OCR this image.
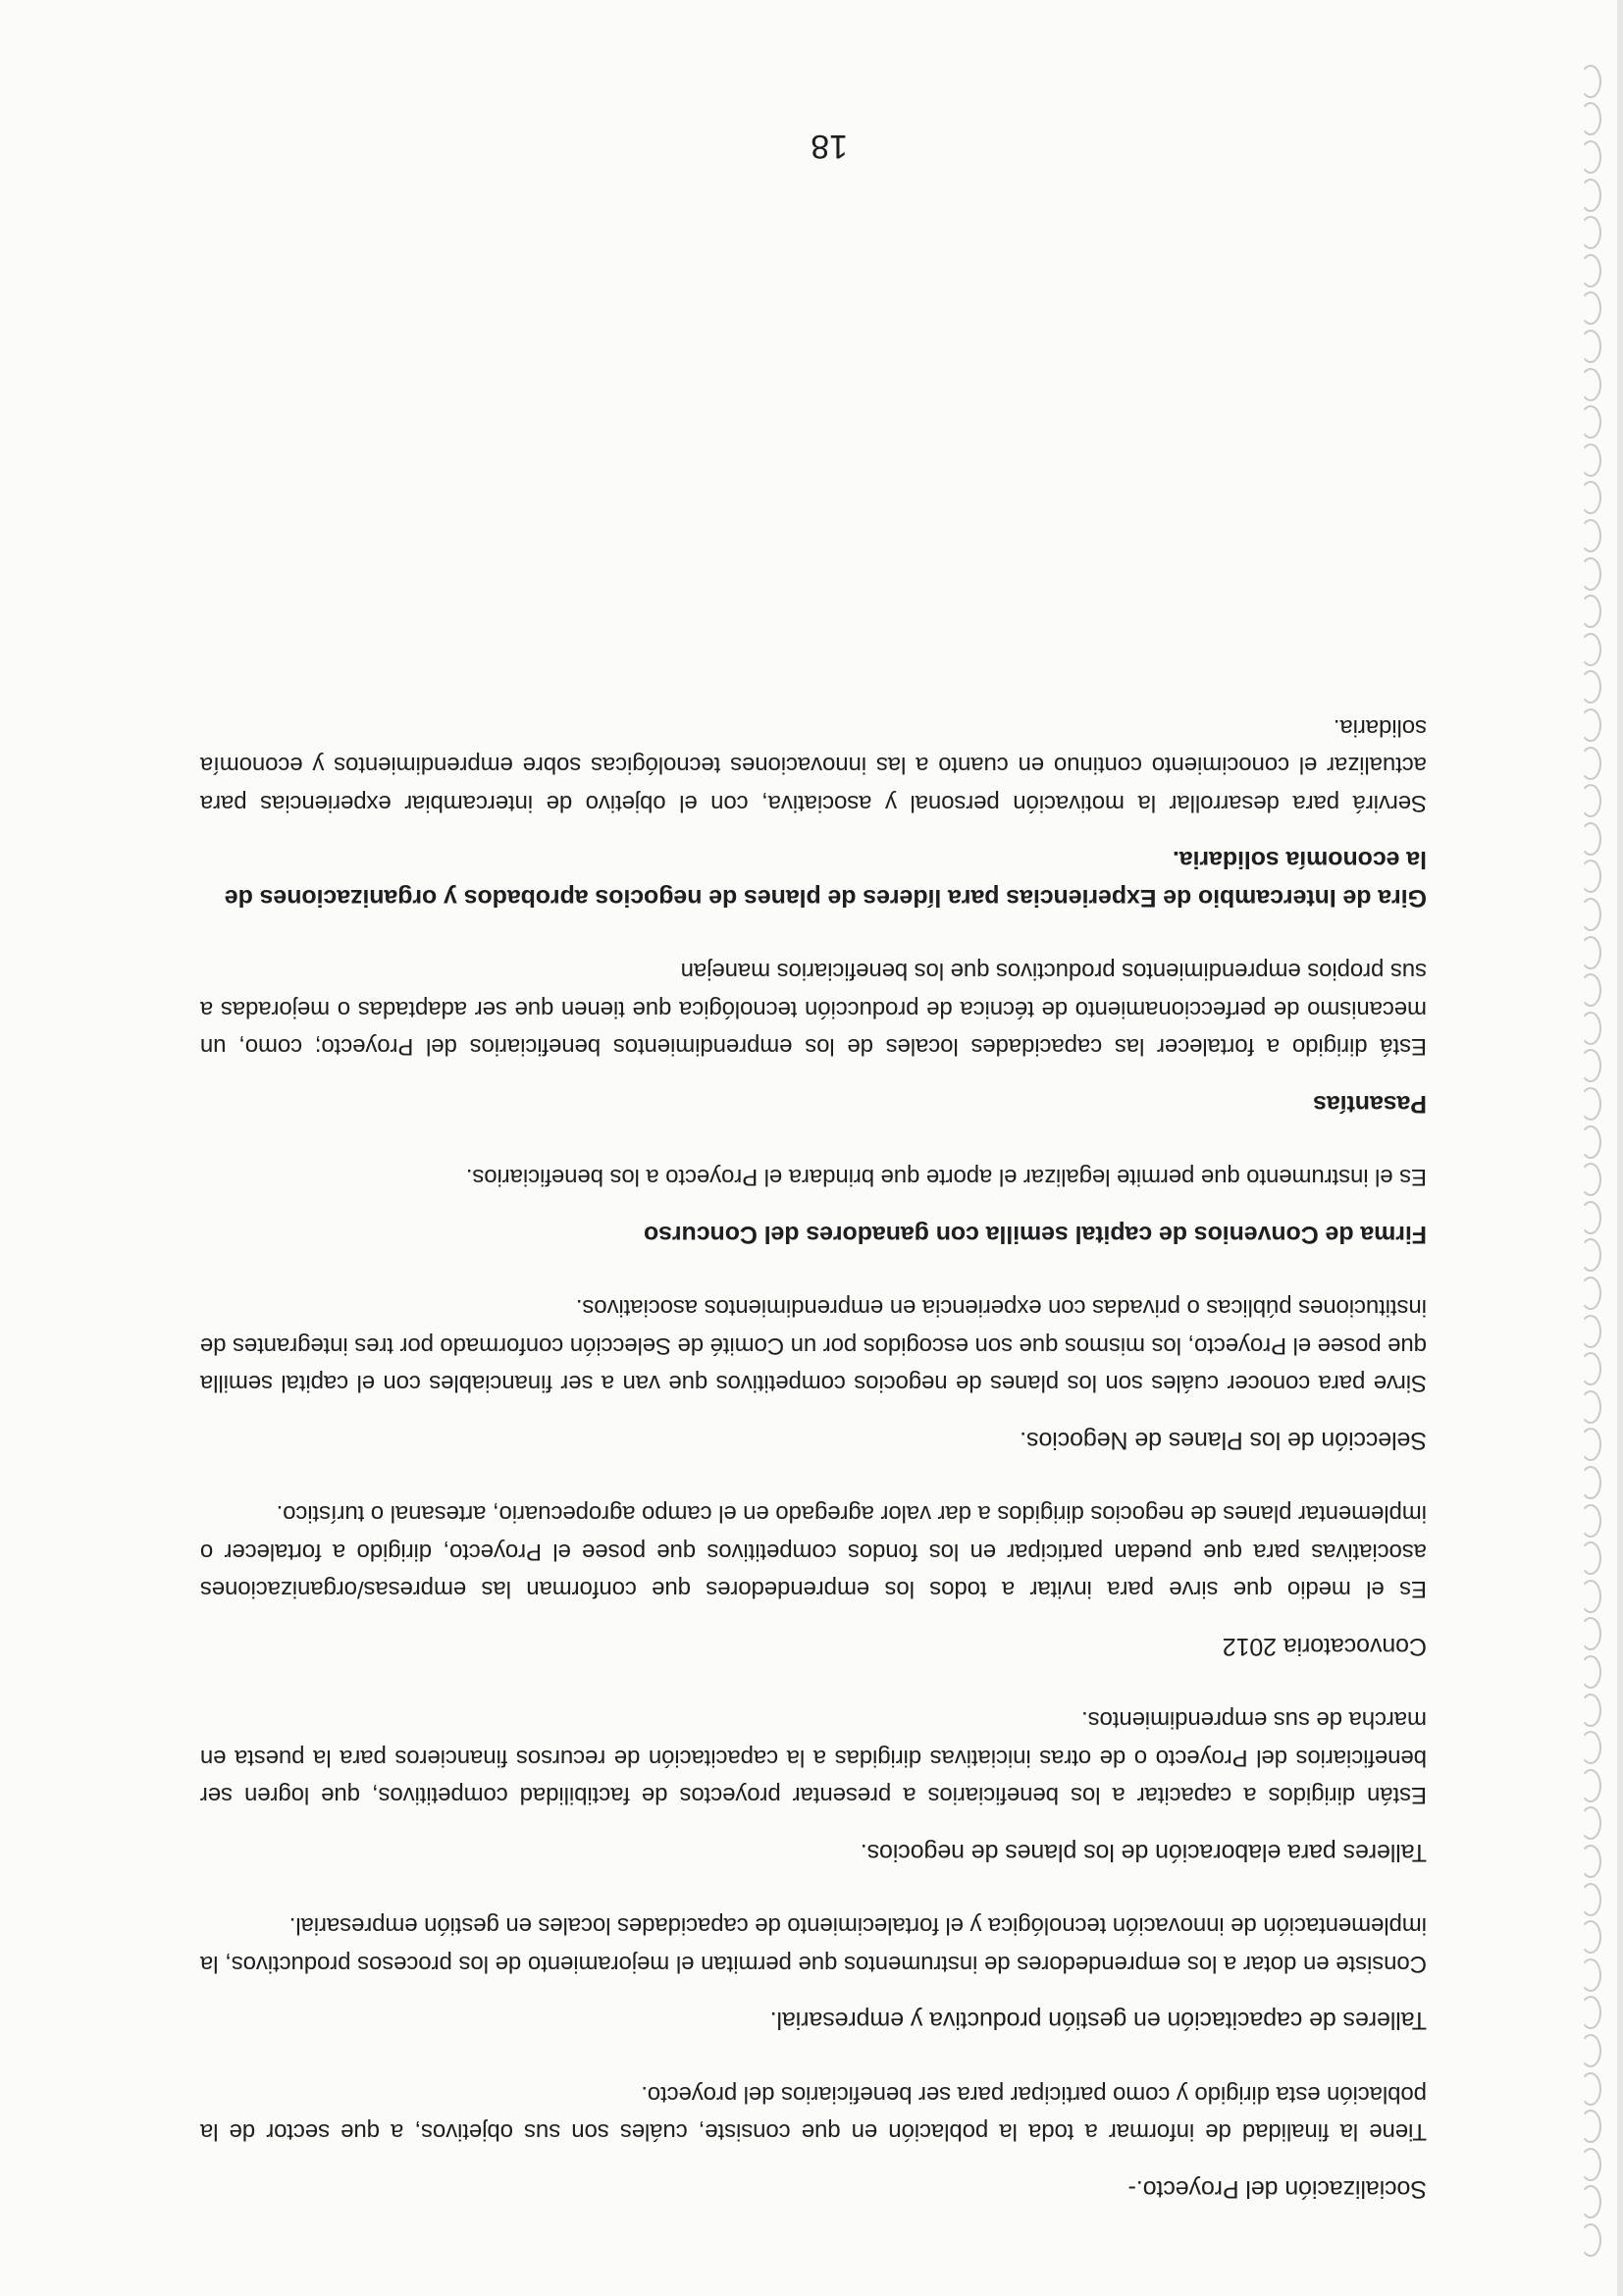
Socialización del Proyecto.-
Tiene la finalidad de informar a toda la población en que consiste, cuáles son sus objetivos, a que sector de la población esta dirigido y como participar para ser beneficiarios del proyecto.
Talleres de capacitación en gestión productiva y empresarial.
Consiste en dotar a los emprendedores de instrumentos que permitan el mejoramiento de los procesos productivos, la implementación de innovación tecnológica y el fortalecimiento de capacidades locales en gestión empresarial.
Talleres para elaboración de los planes de negocios.
Están dirigidos a capacitar a los beneficiarios a presentar proyectos de factibilidad competitivos, que logren ser beneficiarios del Proyecto o de otras iniciativas dirigidas a la capacitación de recursos financieros para la puesta en marcha de sus emprendimientos.
Convocatoria 2012
Es el medio que sirve para invitar a todos los emprendedores que conforman las empresas/organizaciones asociativas para que puedan participar en los fondos competitivos que posee el Proyecto, dirigido a fortalecer o implementar planes de negocios dirigidos a dar valor agregado en el campo agropecuario, artesanal o turístico.
Selección de los Planes de Negocios.
Sirve para conocer cuáles son los planes de negocios competitivos que van a ser financiables con el capital semilla que posee el Proyecto, los mismos que son escogidos por un Comité de Selección conformado por tres integrantes de instituciones públicas o privadas con experiencia en emprendimientos asociativos.
Firma de Convenios de capital semilla con ganadores del Concurso
Es el instrumento que permite legalizar el aporte que brindara el Proyecto a los beneficiarios.
Pasantías
Está dirigido a fortalecer las capacidades locales de los emprendimientos beneficiarios del Proyecto; como, un mecanismo de perfeccionamiento de técnica de producción tecnológica que tienen que ser adaptadas o mejoradas a sus propios emprendimientos productivos que los beneficiarios manejan
Gira de Intercambio de Experiencias para líderes de planes de negocios aprobados y organizaciones de la economía solidaria.
Servirá para desarrollar la motivación personal y asociativa, con el objetivo de intercambiar experiencias para actualizar el conocimiento continuo en cuanto a las innovaciones tecnológicas sobre emprendimientos y economía solidaria.
18
